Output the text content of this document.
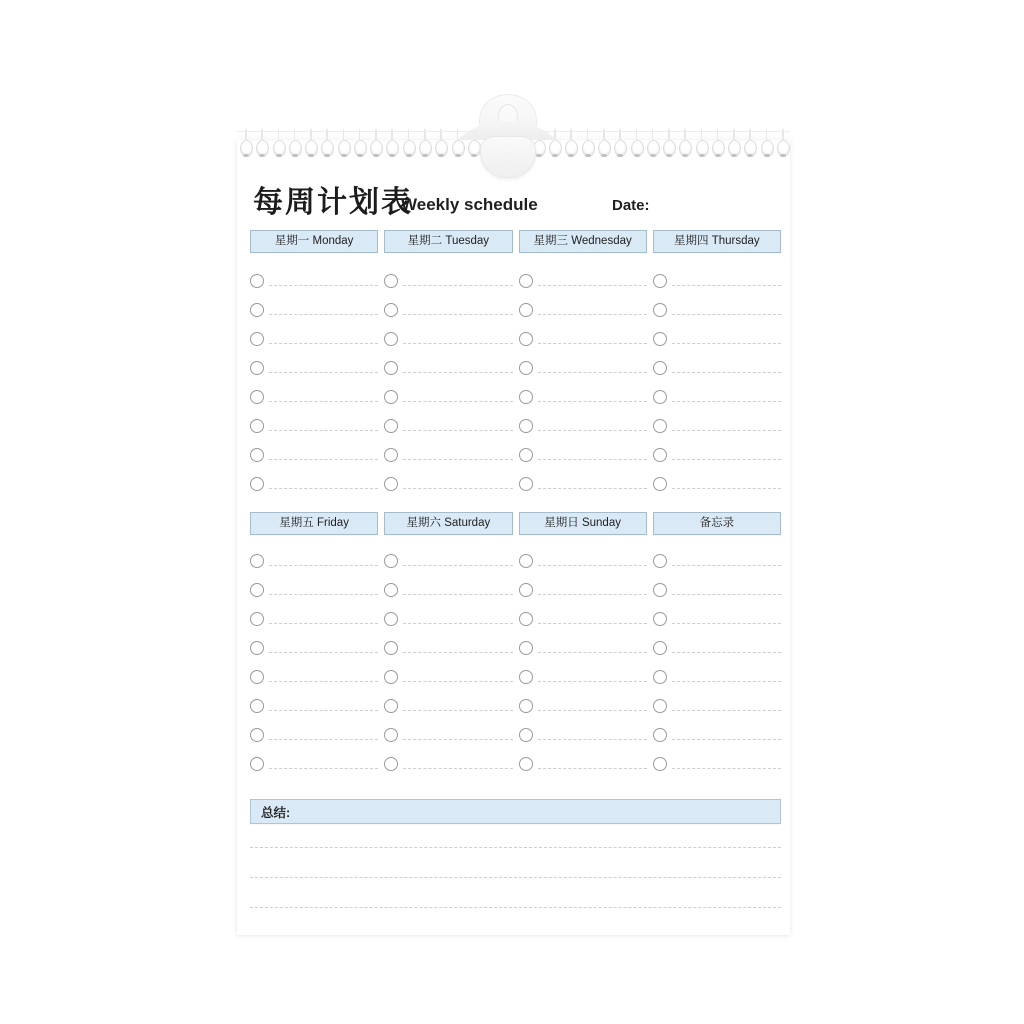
每周计划表
Weekly schedule	Date:
星期一 Monday	星期二 Tuesday	星期三 Wednesday	星期四 Thursday
星期五 Friday	星期六 Saturday	星期日 Sunday	备忘录
总结:
